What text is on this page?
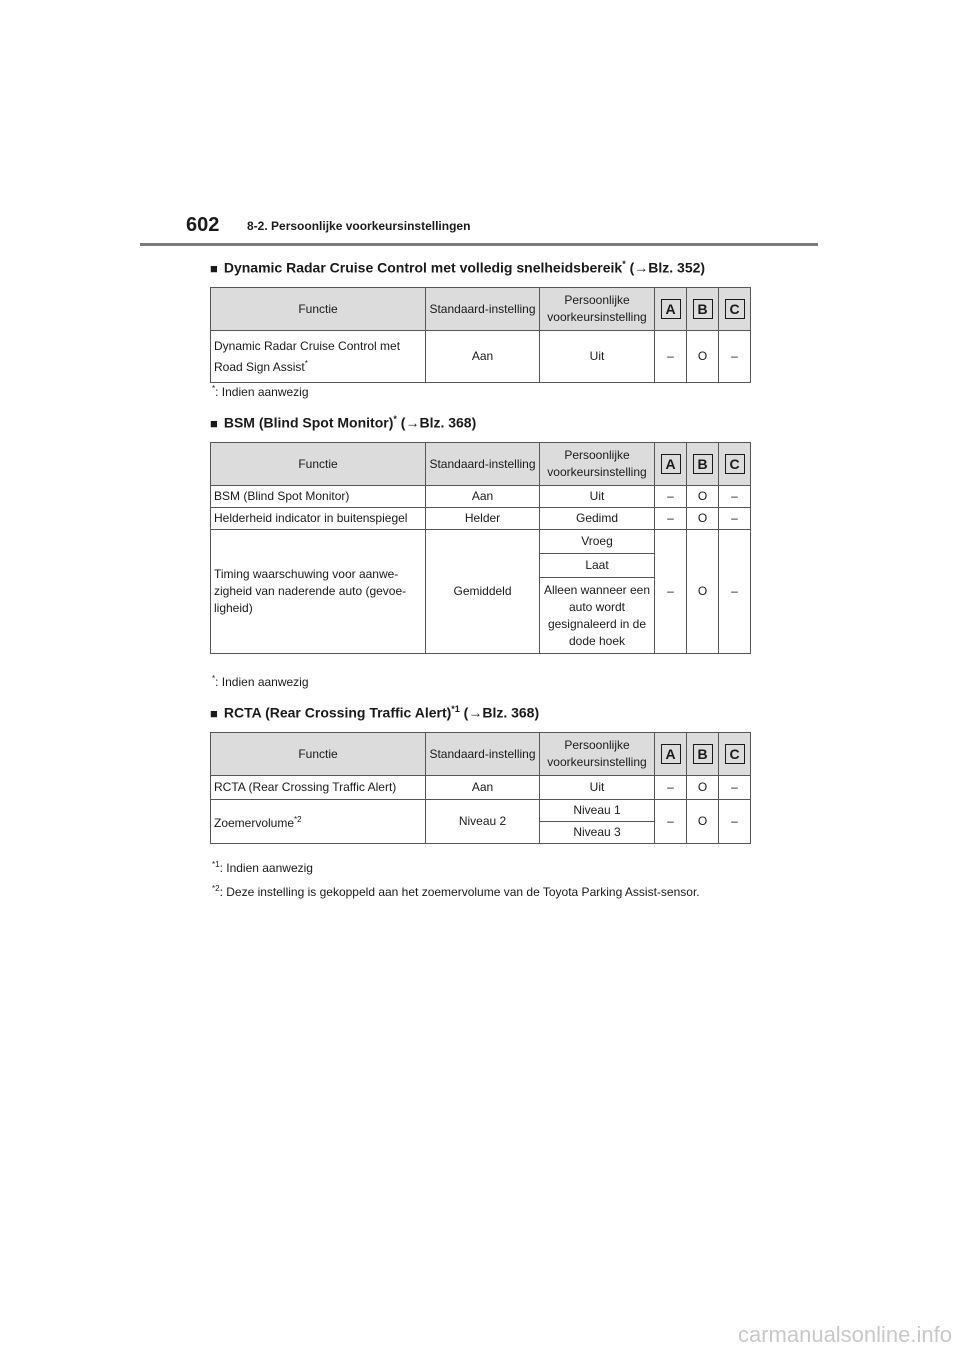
602 8-2. Persoonlijke voorkeursinstellingen
■ Dynamic Radar Cruise Control met volledig snelheidsbereik* (→Blz. 352)
Functie	Standaard-instelling	Persoonlijke voorkeursinstelling	A	B	C
Dynamic Radar Cruise Control met Road Sign Assist*	Aan	Uit	–	O	–
*: Indien aanwezig
■ BSM (Blind Spot Monitor)* (→Blz. 368)
Functie	Standaard-instelling	Persoonlijke voorkeursinstelling	A	B	C
BSM (Blind Spot Monitor)	Aan	Uit	–	O	–
Helderheid indicator in buitenspiegel	Helder	Gedimd	–	O	–
Timing waarschuwing voor aanwe-zigheid van naderende auto (gevoe-ligheid)	Gemiddeld	Vroeg	–	O	–
		Laat			
		Alleen wanneer een auto wordt gesignaleerd in de dode hoek			
*: Indien aanwezig
■ RCTA (Rear Crossing Traffic Alert)$^{*1}$ (→Blz. 368)
Functie	Standaard-instelling	Persoonlijke voorkeursinstelling	A	B	C
RCTA (Rear Crossing Traffic Alert)	Aan	Uit	–	O	–
Zoemervolume$^{*2}$	Niveau 2	Niveau 1	–	O	–
		Niveau 3			
$^{*1}$: Indien aanwezig
$^{*2}$: Deze instelling is gekoppeld aan het zoemervolume van de Toyota Parking Assist-sensor.
carmanualsonline.info
